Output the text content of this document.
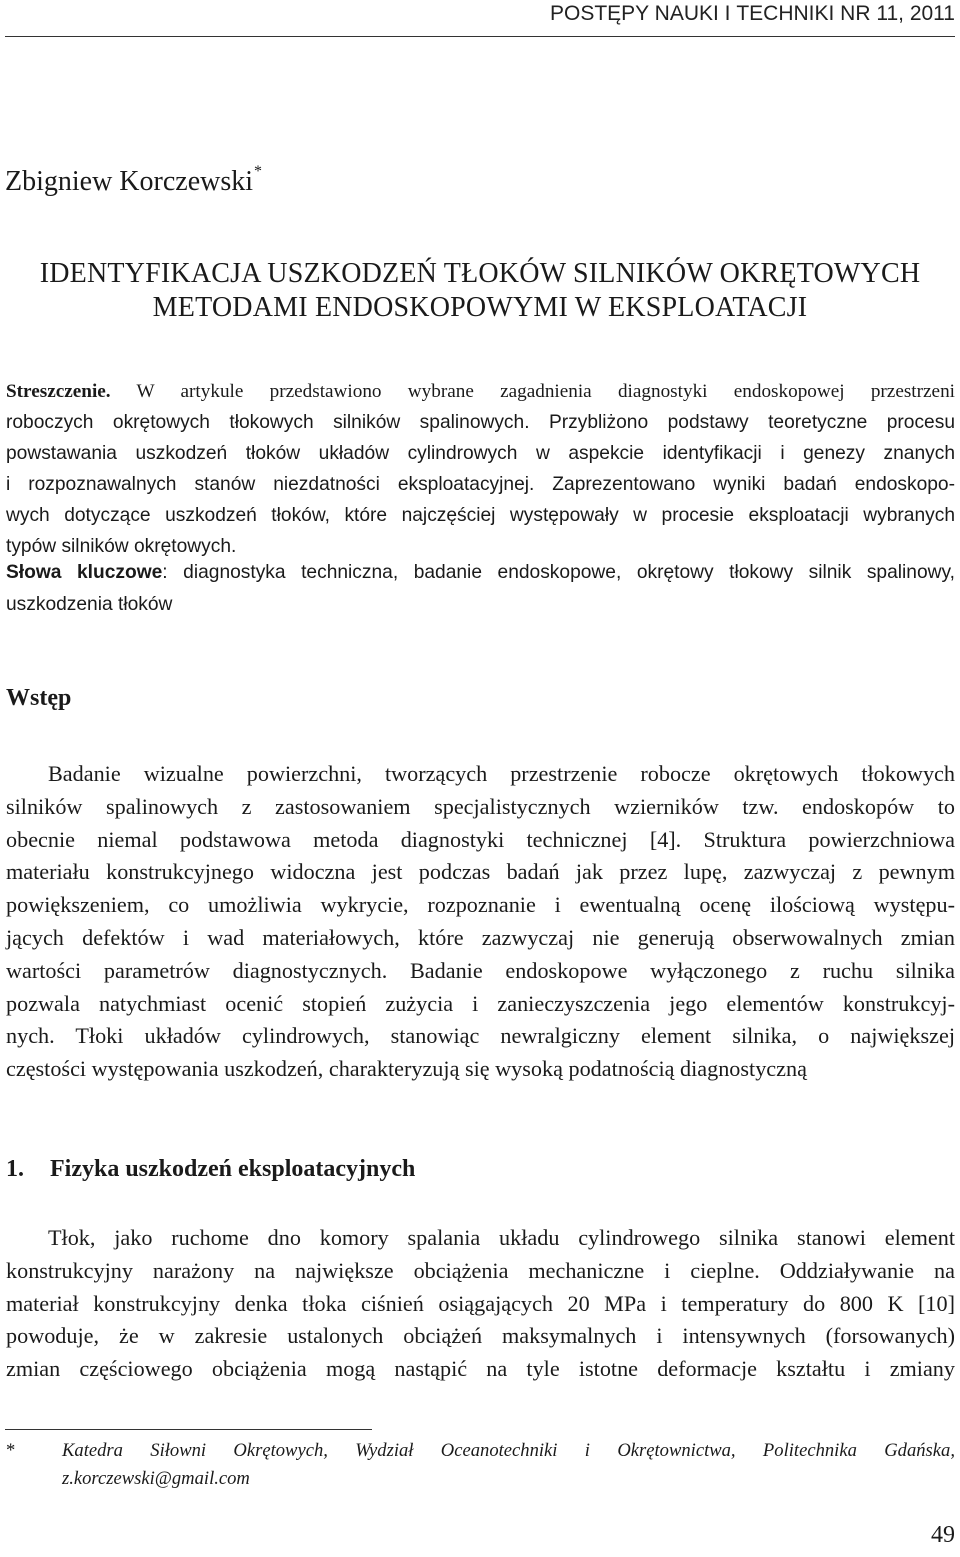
POSTĘPY NAUKI I TECHNIKI NR 11, 2011
Zbigniew Korczewski*
IDENTYFIKACJA USZKODZEŃ TŁOKÓW SILNIKÓW OKRĘTOWYCH
METODAMI ENDOSKOPOWYMI W EKSPLOATACJI
Streszczenie. W artykule przedstawiono wybrane zagadnienia diagnostyki endoskopowej przestrzeni
roboczych okrętowych tłokowych silników spalinowych. Przybliżono podstawy teoretyczne procesu
powstawania uszkodzeń tłoków układów cylindrowych w aspekcie identyfikacji i genezy znanych
i rozpoznawalnych stanów niezdatności eksploatacyjnej. Zaprezentowano wyniki badań endoskopo-
wych dotyczące uszkodzeń tłoków, które najczęściej występowały w procesie eksploatacji wybranych
typów silników okrętowych.
Słowa kluczowe: diagnostyka techniczna, badanie endoskopowe, okrętowy tłokowy silnik spalinowy,
uszkodzenia tłoków
Wstęp
Badanie wizualne powierzchni, tworzących przestrzenie robocze okrętowych tłokowych
silników spalinowych z zastosowaniem specjalistycznych wzierników tzw. endoskopów to
obecnie niemal podstawowa metoda diagnostyki technicznej [4]. Struktura powierzchniowa
materiału konstrukcyjnego widoczna jest podczas badań jak przez lupę, zazwyczaj z pewnym
powiększeniem, co umożliwia wykrycie, rozpoznanie i ewentualną ocenę ilościową występu-
jących defektów i wad materiałowych, które zazwyczaj nie generują obserwowalnych zmian
wartości parametrów diagnostycznych. Badanie endoskopowe wyłączonego z ruchu silnika
pozwala natychmiast ocenić stopień zużycia i zanieczyszczenia jego elementów konstrukcyj-
nych. Tłoki układów cylindrowych, stanowiąc newralgiczny element silnika, o największej
częstości występowania uszkodzeń, charakteryzują się wysoką podatnością diagnostyczną
1. Fizyka uszkodzeń eksploatacyjnych
Tłok, jako ruchome dno komory spalania układu cylindrowego silnika stanowi element
konstrukcyjny narażony na największe obciążenia mechaniczne i cieplne. Oddziaływanie na
materiał konstrukcyjny denka tłoka ciśnień osiągających 20 MPa i temperatury do 800 K [10]
powoduje, że w zakresie ustalonych obciążeń maksymalnych i intensywnych (forsowanych)
zmian częściowego obciążenia mogą nastąpić na tyle istotne deformacje kształtu i zmiany
*	Katedra Siłowni Okrętowych, Wydział Oceanotechniki i Okrętownictwa, Politechnika Gdańska,
z.korczewski@gmail.com
49
